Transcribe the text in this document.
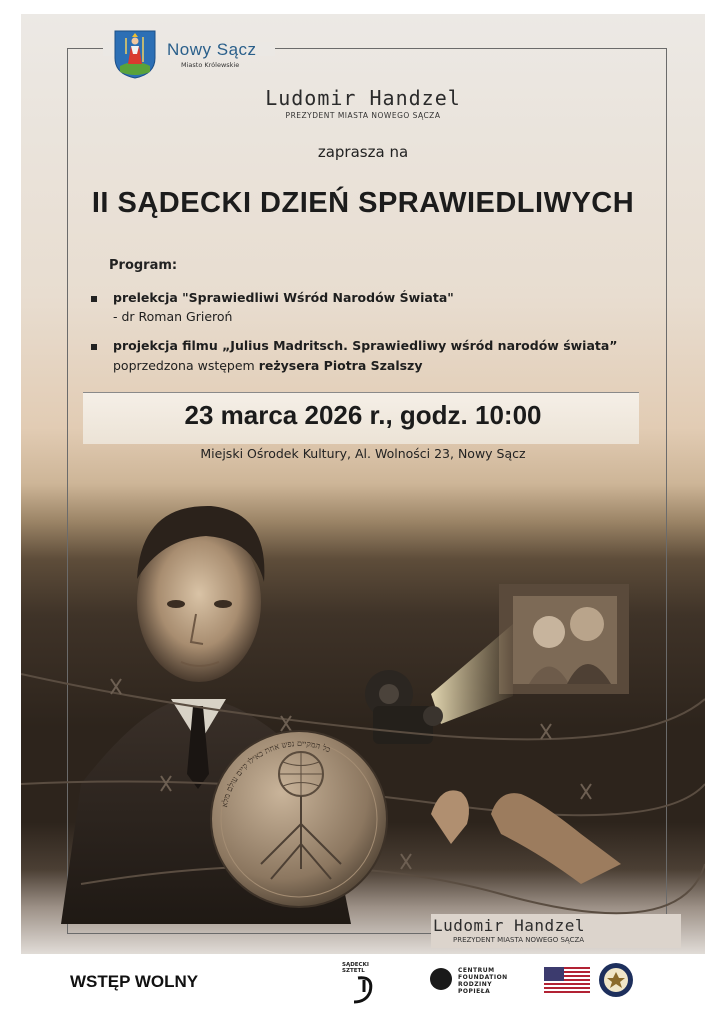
Nowy Sącz
Miasto Królewskie
Ludomir Handzel
PREZYDENT MIASTA NOWEGO SĄCZA
zaprasza na
II SĄDECKI DZIEŃ SPRAWIEDLIWYCH
Program:
prelekcja "Sprawiedliwi Wśród Narodów Świata"
- dr Roman Grieroń
projekcja filmu „Julius Madritsch. Sprawiedliwy wśród narodów świata”
poprzedzona wstępem reżysera Piotra Szalszy
23 marca 2026 r., godz. 10:00
Miejski Ośrodek Kultury, Al. Wolności 23, Nowy Sącz
כל המקיים נפש אחת כאילו קיים עולם מלא
Ludomir Handzel
PREZYDENT MIASTA NOWEGO SĄCZA
WSTĘP WOLNY
SĄDECKI
SZTETL	CENTRUM
FOUNDATION
RODZINY
POPIEŁA
